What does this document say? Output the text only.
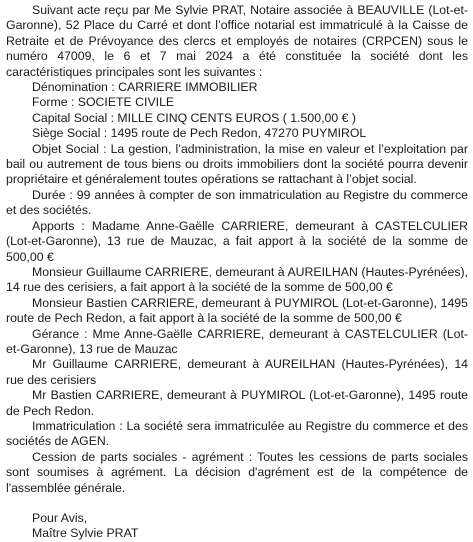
Suivant acte reçu par Me Sylvie PRAT, Notaire associée à BEAUVILLE (Lot-et-Garonne), 52 Place du Carré et dont l’office notarial est immatriculé à la Caisse de Retraite et de Prévoyance des clercs et employés de notaires (CRPCEN) sous le numéro 47009, le 6 et 7 mai 2024 a été constituée la société dont les caractéristiques principales sont les suivantes :

Dénomination : CARRIERE IMMOBILIER
Forme : SOCIETE CIVILE
Capital Social : MILLE CINQ CENTS EUROS ( 1.500,00 € )
Siège Social : 1495 route de Pech Redon, 47270 PUYMIROL

Objet Social : La gestion, l’administration, la mise en valeur et l’exploitation par bail ou autrement de tous biens ou droits immobiliers dont la société pourra devenir propriétaire et généralement toutes opérations se rattachant à l’objet social.

Durée : 99 années à compter de son immatriculation au Registre du commerce et des sociétés.

Apports : Madame Anne-Gaëlle CARRIERE, demeurant à CASTELCULIER (Lot-et-Garonne), 13 rue de Mauzac, a fait apport à la société de la somme de 500,00 €

Monsieur Guillaume CARRIERE, demeurant à AUREILHAN (Hautes-Pyrénées), 14 rue des cerisiers, a fait apport à la société de la somme de 500,00 €

Monsieur Bastien CARRIERE, demeurant à PUYMIROL (Lot-et-Garonne), 1495 route de Pech Redon, a fait apport à la société de la somme de 500,00 €

Gérance : Mme Anne-Gaëlle CARRIERE, demeurant à CASTELCULIER (Lot-et-Garonne), 13 rue de Mauzac

Mr Guillaume CARRIERE, demeurant à AUREILHAN (Hautes-Pyrénées), 14 rue des cerisiers

Mr Bastien CARRIERE, demeurant à PUYMIROL (Lot-et-Garonne), 1495 route de Pech Redon.

Immatriculation : La société sera immatriculée au Registre du commerce et des sociétés de AGEN.

Cession de parts sociales - agrément : Toutes les cessions de parts sociales sont soumises à agrément. La décision d'agrément est de la compétence de l'assemblée générale.

Pour Avis,
Maître Sylvie PRAT
